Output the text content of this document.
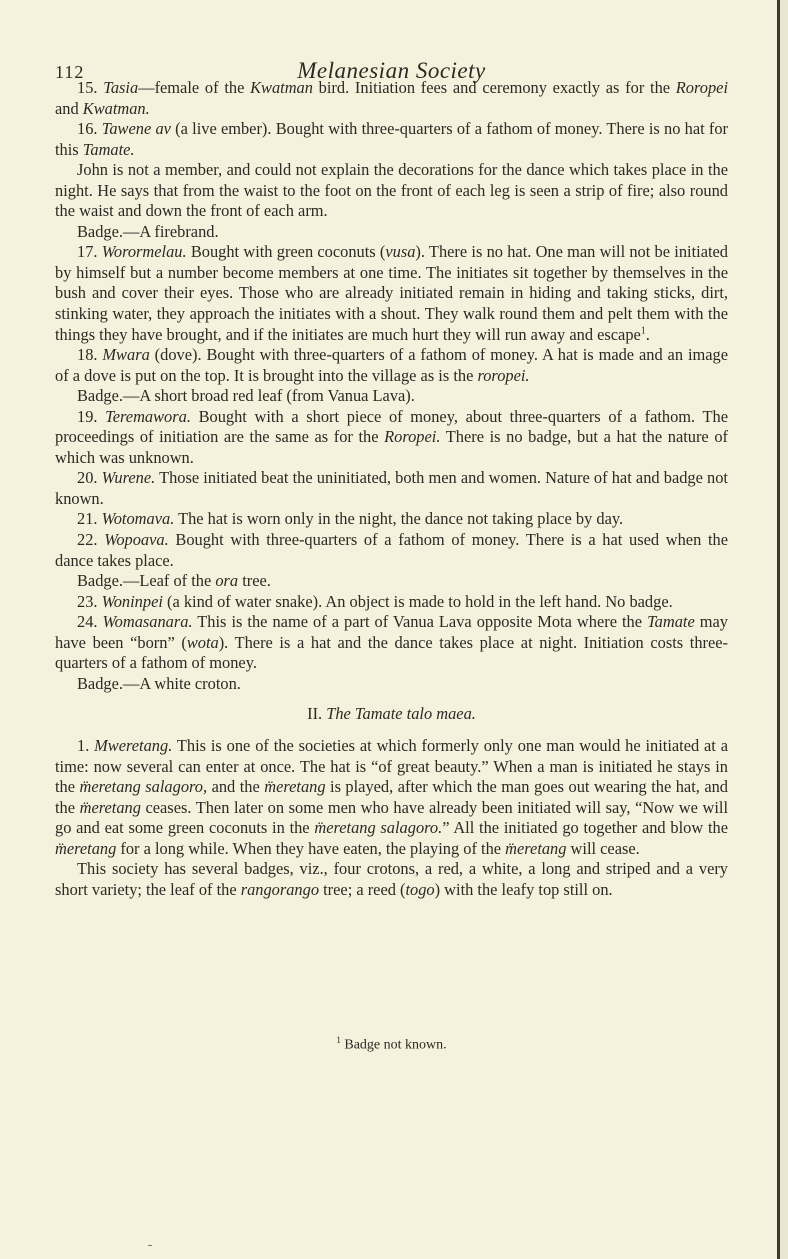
112	Melanesian Society

15. Tasia—female of the Kwatman bird. Initiation fees and ceremony exactly as for the Roropei and Kwatman.

16. Tawene av (a live ember). Bought with three-quarters of a fathom of money. There is no hat for this Tamate.

John is not a member, and could not explain the decorations for the dance which takes place in the night. He says that from the waist to the foot on the front of each leg is seen a strip of fire; also round the waist and down the front of each arm.

Badge.—A firebrand.

17. Worormelau. Bought with green coconuts (vusa). There is no hat. One man will not be initiated by himself but a number become members at one time. The initiates sit together by themselves in the bush and cover their eyes. Those who are already initiated remain in hiding and taking sticks, dirt, stinking water, they approach the initiates with a shout. They walk round them and pelt them with the things they have brought, and if the initiates are much hurt they will run away and escape$^1$.

18. Mwara (dove). Bought with three-quarters of a fathom of money. A hat is made and an image of a dove is put on the top. It is brought into the village as is the roropei.

Badge.—A short broad red leaf (from Vanua Lava).

19. Teremawora. Bought with a short piece of money, about three-quarters of a fathom. The proceedings of initiation are the same as for the Roropei. There is no badge, but a hat the nature of which was unknown.

20. Wurene. Those initiated beat the uninitiated, both men and women. Nature of hat and badge not known.

21. Wotomava. The hat is worn only in the night, the dance not taking place by day.

22. Wopoava. Bought with three-quarters of a fathom of money. There is a hat used when the dance takes place.

Badge.—Leaf of the ora tree.

23. Woninpei (a kind of water snake). An object is made to hold in the left hand. No badge.

24. Womasanara. This is the name of a part of Vanua Lava opposite Mota where the Tamate may have been “born” (wota). There is a hat and the dance takes place at night. Initiation costs three-quarters of a fathom of money.

Badge.—A white croton.

II. The Tamate talo maea.

1. Mweretang. This is one of the societies at which formerly only one man would he initiated at a time: now several can enter at once. The hat is “of great beauty.” When a man is initiated he stays in the m̈eretang salagoro, and the m̈eretang is played, after which the man goes out wearing the hat, and the m̈eretang ceases. Then later on some men who have already been initiated will say, “Now we will go and eat some green coconuts in the m̈eretang salagoro.” All the initiated go together and blow the m̈eretang for a long while. When they have eaten, the playing of the m̈eretang will cease.

This society has several badges, viz., four crotons, a red, a white, a long and striped and a very short variety; the leaf of the rangorango tree; a reed (togo) with the leafy top still on.

$^1$ Badge not known.
